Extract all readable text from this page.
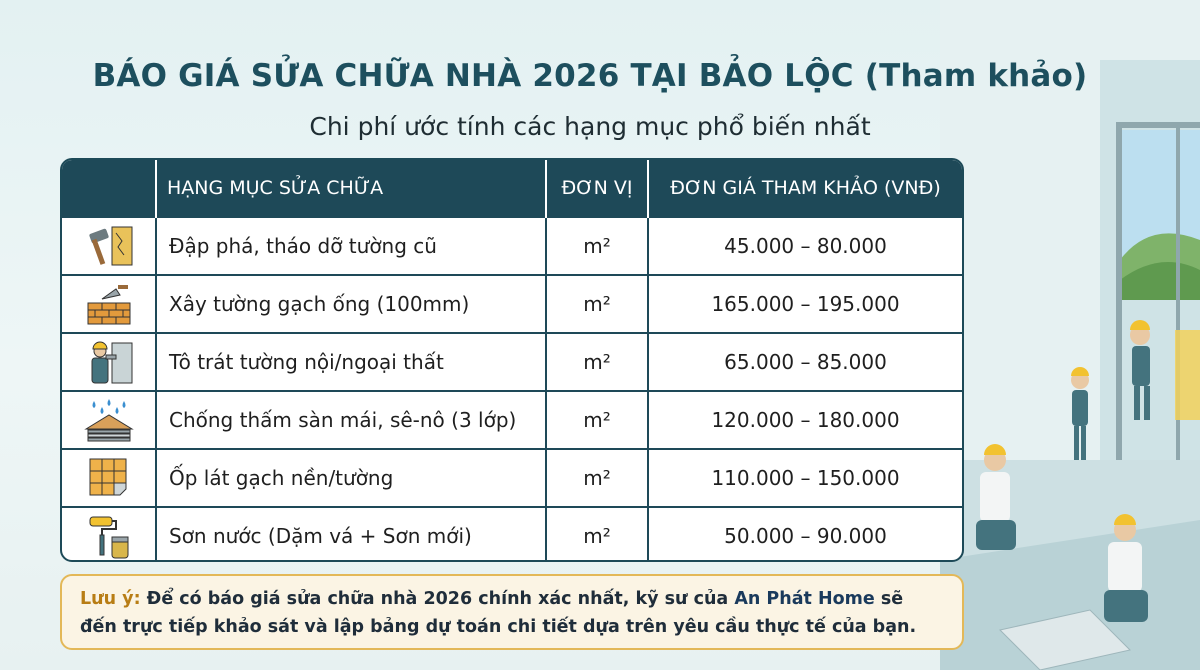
BÁO GIÁ SỬA CHỮA NHÀ 2026 TẠI BẢO LỘC (Tham khảo)
Chi phí ước tính các hạng mục phổ biến nhất
	HẠNG MỤC SỬA CHỮA	ĐƠN VỊ	ĐƠN GIÁ THAM KHẢO (VNĐ)
	Đập phá, tháo dỡ tường cũ	m²	45.000 – 80.000
	Xây tường gạch ống (100mm)	m²	165.000 – 195.000
	Tô trát tường nội/ngoại thất	m²	65.000 – 85.000
	Chống thấm sàn mái, sê-nô (3 lớp)	m²	120.000 – 180.000
	Ốp lát gạch nền/tường	m²	110.000 – 150.000
	Sơn nước (Dặm vá + Sơn mới)	m²	50.000 – 90.000
Lưu ý: Để có báo giá sửa chữa nhà 2026 chính xác nhất, kỹ sư của An Phát Home sẽ đến trực tiếp khảo sát và lập bảng dự toán chi tiết dựa trên yêu cầu thực tế của bạn.
